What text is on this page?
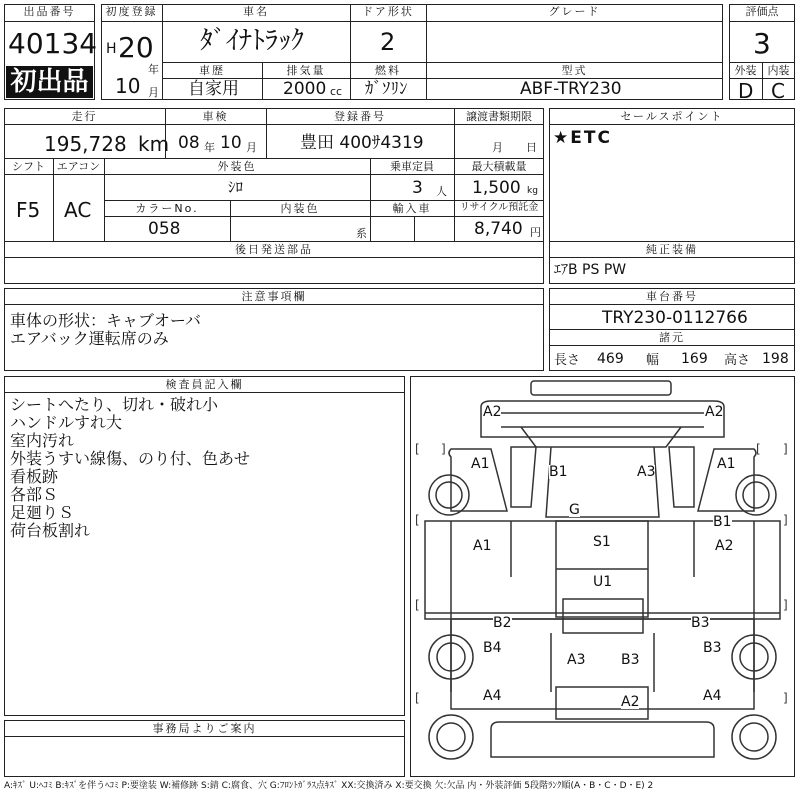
出品番号
40134
初出品
初度登録
H 20
年
10 月
車名
ﾀﾞｲﾅﾄﾗｯｸ
ドア形状
2
グレード
車歴
自家用
排気量
2000 cc
燃料
ｶﾞｿﾘﾝ
型式
ABF-TRY230
評価点
3
外装	内装
D C
走行
195,728 km
車検
08 年 10 月
登録番号
豊田 400ｻ4319
譲渡書類期限
月 日
シフト
F5
エアコン
AC
外装色
ｼﾛ
乗車定員
3 人
最大積載量
1,500 kg
カラーNo.
058
内装色
系
輸入車	リサイクル預託金
8,740 円
後日発送部品
セールスポイント
★ETC
純正装備
ｴｱB PS PW
注意事項欄
車体の形状：キャブオーバ
エアバック運転席のみ
車台番号
TRY230-0112766
諸元
長さ 469 幅 169 高さ 198
検査員記入欄
シートへたり、切れ・破れ小
ハンドルすれ大
室内汚れ
外装うすい線傷、のり付、色あせ
看板跡
各部Ｓ
足廻りＳ
荷台板割れ
事務局よりご案内
[ ]	[ ]
[	]
[	]
[	]
A2	A2
A1	B1	A3	A1
G
B1
A1	S1	A2
U1
B2	B3
B4
A3	B3
B3
A2
A4	A4
A:ｷｽﾞ U:ﾍｺﾐ B:ｷｽﾞを伴うﾍｺﾐ P:要塗装 W:補修跡 S:錆 C:腐食、穴 G:ﾌﾛﾝﾄｶﾞﾗｽ点ｷｽﾞ XX:交換済み X:要交換 欠:欠品 内・外装評価 5段階ﾗﾝｸ順(A・B・C・D・E) 2
